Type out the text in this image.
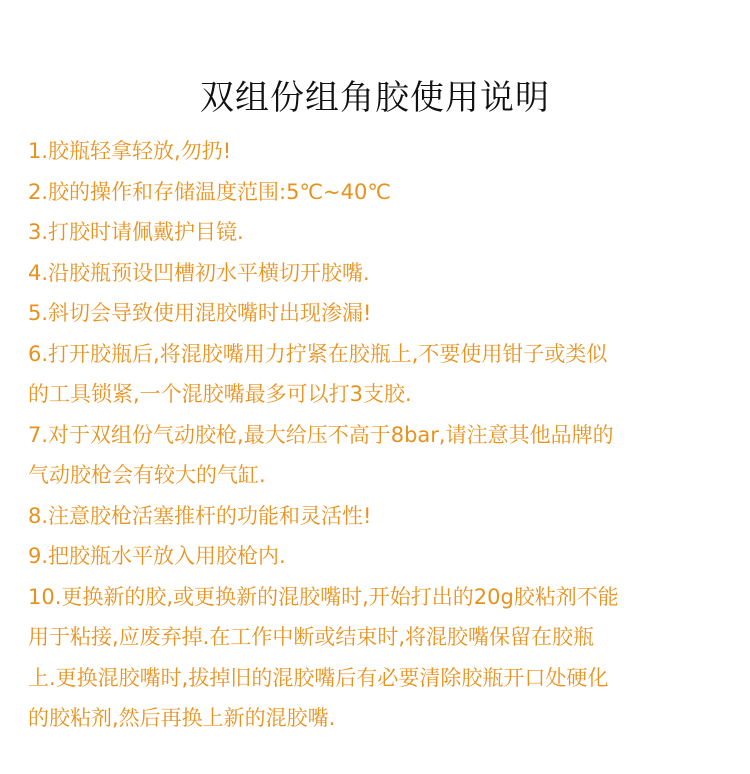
双组份组角胶使用说明
1.胶瓶轻拿轻放,勿扔!
2.胶的操作和存储温度范围:5℃~40℃
3.打胶时请佩戴护目镜.
4.沿胶瓶预设凹槽初水平横切开胶嘴.
5.斜切会导致使用混胶嘴时出现渗漏!
6.打开胶瓶后,将混胶嘴用力拧紧在胶瓶上,不要使用钳子或类似
的工具锁紧,一个混胶嘴最多可以打3支胶.
7.对于双组份气动胶枪,最大给压不高于8bar,请注意其他品牌的
气动胶枪会有较大的气缸.
8.注意胶枪活塞推杆的功能和灵活性!
9.把胶瓶水平放入用胶枪内.
10.更换新的胶,或更换新的混胶嘴时,开始打出的20g胶粘剂不能
用于粘接,应废弃掉.在工作中断或结束时,将混胶嘴保留在胶瓶
上.更换混胶嘴时,拔掉旧的混胶嘴后有必要清除胶瓶开口处硬化
的胶粘剂,然后再换上新的混胶嘴.
